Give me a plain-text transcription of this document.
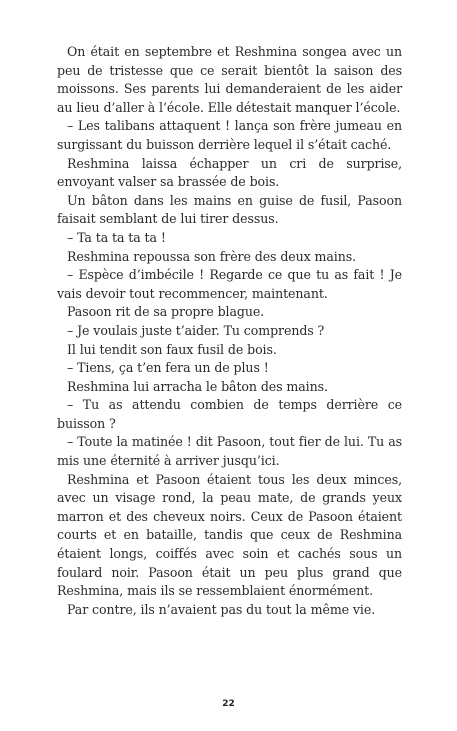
On était en septembre et Reshmina songea avec un peu de tristesse que ce serait bientôt la saison des moissons. Ses parents lui demanderaient de les aider au lieu d’aller à l’école. Elle détestait manquer l’école.

– Les talibans attaquent ! lança son frère jumeau en surgissant du buisson derrière lequel il s’était caché.

Reshmina laissa échapper un cri de surprise, envoyant valser sa brassée de bois.

Un bâton dans les mains en guise de fusil, Pasoon faisait semblant de lui tirer dessus.

– Ta ta ta ta ta !

Reshmina repoussa son frère des deux mains.

– Espèce d’imbécile ! Regarde ce que tu as fait ! Je vais devoir tout recommencer, maintenant.

Pasoon rit de sa propre blague.

– Je voulais juste t’aider. Tu comprends ?

Il lui tendit son faux fusil de bois.

– Tiens, ça t’en fera un de plus !

Reshmina lui arracha le bâton des mains.

– Tu as attendu combien de temps derrière ce buisson ?

– Toute la matinée ! dit Pasoon, tout fier de lui. Tu as mis une éternité à arriver jusqu’ici.

Reshmina et Pasoon étaient tous les deux minces, avec un visage rond, la peau mate, de grands yeux marron et des cheveux noirs. Ceux de Pasoon étaient courts et en bataille, tandis que ceux de Reshmina étaient longs, coiffés avec soin et cachés sous un foulard noir. Pasoon était un peu plus grand que Reshmina, mais ils se ressemblaient énormément.

Par contre, ils n’avaient pas du tout la même vie.

22
